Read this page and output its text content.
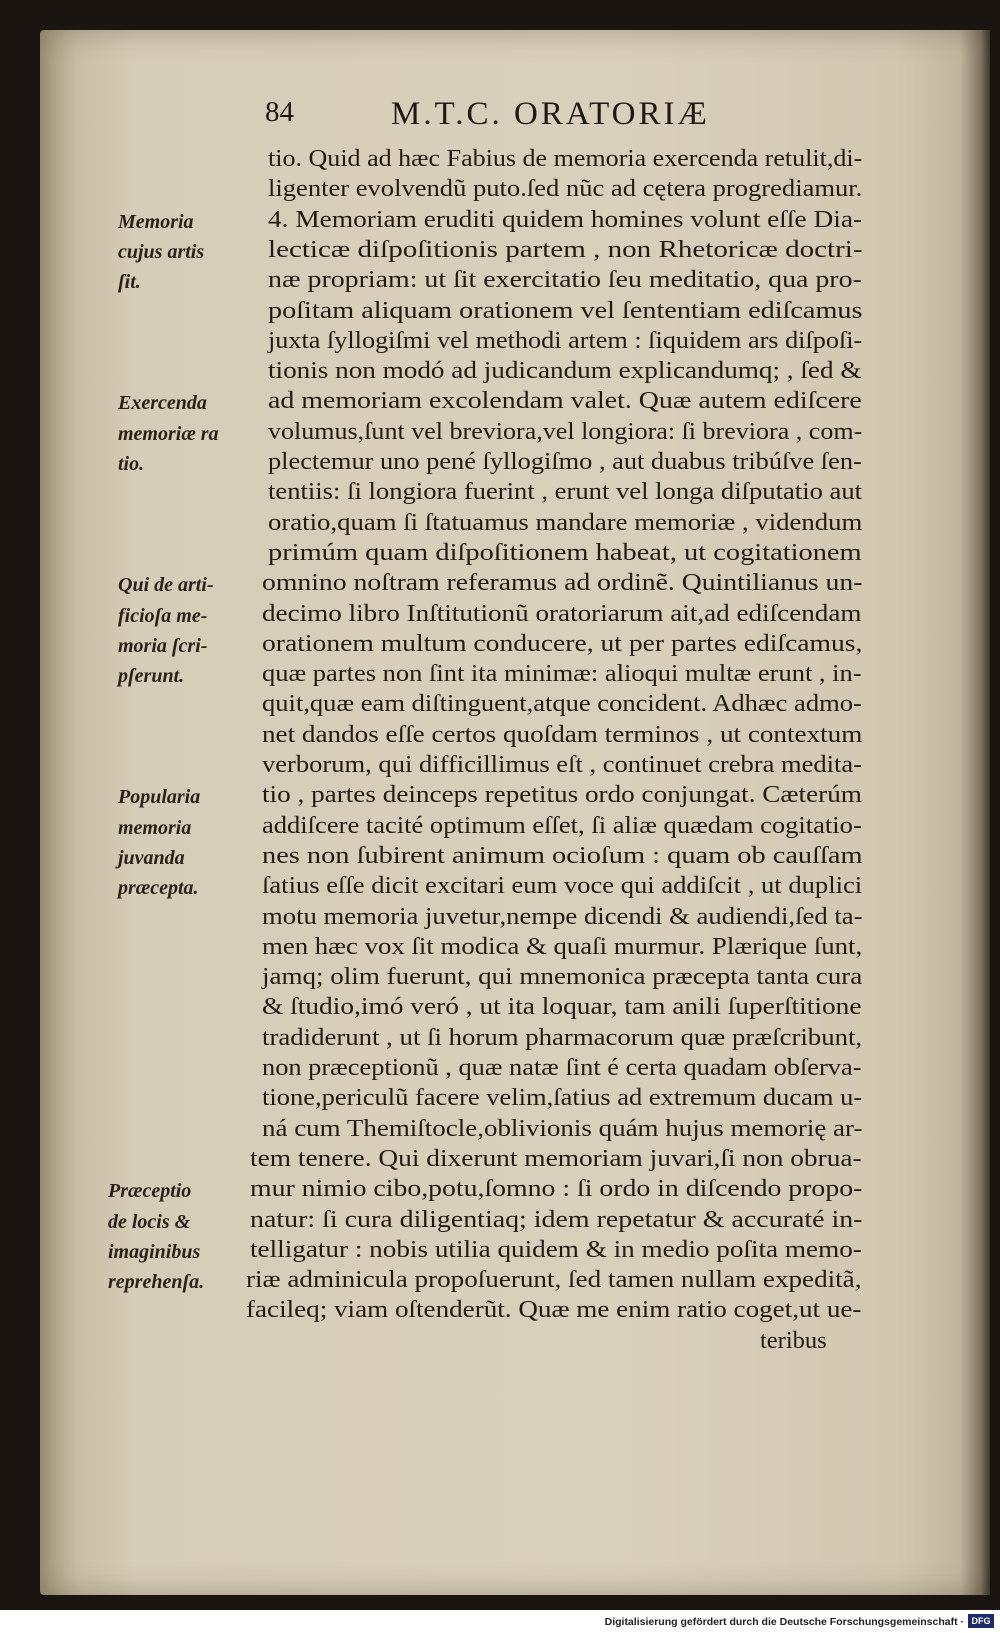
84	M.T.C. ORATORIÆ
tio. Quid ad hæc Fabius de memoria exercenda retulit,di-
ligenter evolvendũ puto.ſed nũc ad cętera progrediamur.
4. Memoriam eruditi quidem homines volunt eſſe Dia-
lecticæ diſpoſitionis partem , non Rhetoricæ doctri-
næ propriam: ut ſit exercitatio ſeu meditatio, qua pro-
poſitam aliquam orationem vel ſententiam ediſcamus
juxta ſyllogiſmi vel methodi artem : ſiquidem ars diſpoſi-
tionis non modó ad judicandum explicandumq; , ſed &
ad memoriam excolendam valet. Quæ autem ediſcere
volumus,ſunt vel breviora,vel longiora: ſi breviora , com-
plectemur uno pené ſyllogiſmo , aut duabus tribúſve ſen-
tentiis: ſi longiora fuerint , erunt vel longa diſputatio aut
oratio,quam ſi ſtatuamus mandare memoriæ , videndum
primúm quam diſpoſitionem habeat, ut cogitationem
omnino noſtram referamus ad ordinẽ. Quintilianus un-
decimo libro Inſtitutionũ oratoriarum ait,ad ediſcendam
orationem multum conducere, ut per partes ediſcamus,
quæ partes non ſint ita minimæ: alioqui multæ erunt , in-
quit,quæ eam diſtinguent,atque concident. Adhæc admo-
net dandos eſſe certos quoſdam terminos , ut contextum
verborum, qui difficillimus eſt , continuet crebra medita-
tio , partes deinceps repetitus ordo conjungat. Cæterúm
addiſcere tacité optimum eſſet, ſi aliæ quædam cogitatio-
nes non ſubirent animum ocioſum : quam ob cauſſam
ſatius eſſe dicit excitari eum voce qui addiſcit , ut duplici
motu memoria juvetur,nempe dicendi & audiendi,ſed ta-
men hæc vox ſit modica & quaſi murmur. Plærique ſunt,
jamq; olim fuerunt, qui mnemonica præcepta tanta cura
& ſtudio,imó veró , ut ita loquar, tam anili ſuperſtitione
tradiderunt , ut ſi horum pharmacorum quæ præſcribunt,
non præceptionũ , quæ natæ ſint é certa quadam obſerva-
tione,periculũ facere velim,ſatius ad extremum ducam u-
ná cum Themiſtocle,oblivionis quám hujus memorię ar-
tem tenere. Qui dixerunt memoriam juvari,ſi non obrua-
mur nimio cibo,potu,ſomno : ſi ordo in diſcendo propo-
natur: ſi cura diligentiaq; idem repetatur & accuraté in-
telligatur : nobis utilia quidem & in medio poſita memo-
riæ adminicula propoſuerunt, ſed tamen nullam expeditã,
facileq; viam oſtenderũt. Quæ me enim ratio coget,ut ue-
teribus
Memoria
cujus artis
ſit.
Exercenda
memoriæ ra
tio.
Qui de arti-
ficioſa me-
moria ſcri-
pſerunt.
Popularia
memoria
juvanda
præcepta.
Præceptio
de locis &
imaginibus
reprehenſa.
Digitalisierung gefördert durch die Deutsche Forschungsgemeinschaft · DFG
